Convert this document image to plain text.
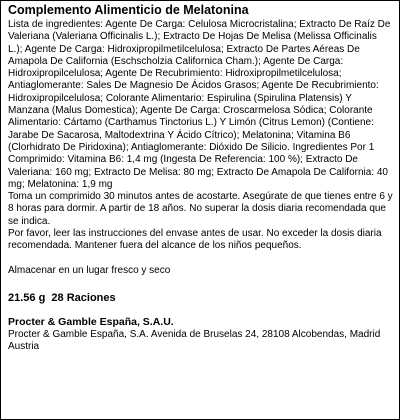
Complemento Alimenticio de Melatonina

Lista de ingredientes: Agente De Carga: Celulosa Microcristalina; Extracto De Raíz De Valeriana (Valeriana Officinalis L.); Extracto De Hojas De Melisa (Melissa Officinalis L.); Agente De Carga: Hidroxipropilmetilcelulosa; Extracto De Partes Aéreas De Amapola De California (Eschscholzia Californica Cham.); Agente De Carga: Hidroxipropilcelulosa; Agente De Recubrimiento: Hidroxipropilmetilcelulosa; Antiaglomerante: Sales De Magnesio De Ácidos Grasos; Agente De Recubrimiento: Hidroxipropilcelulosa; Colorante Alimentario: Espirulina (Spirulina Platensis) Y Manzana (Malus Domestica); Agente De Carga: Croscarmelosa Sódica; Colorante Alimentario: Cártamo (Carthamus Tinctorius L.) Y Limón (Citrus Lemon) (Contiene: Jarabe De Sacarosa, Maltodextrina Y Ácido Cítrico); Melatonina; Vitamina B6 (Clorhidrato De Piridoxina); Antiaglomerante: Dióxido De Silicio. Ingredientes Por 1 Comprimido: Vitamina B6: 1,4 mg (Ingesta De Referencia: 100 %); Extracto De Valeriana: 160 mg; Extracto De Melisa: 80 mg; Extracto De Amapola De California: 40 mg; Melatonina: 1,9 mg

Toma un comprimido 30 minutos antes de acostarte. Asegúrate de que tienes entre 6 y 8 horas para dormir. A partir de 18 años. No superar la dosis diaria recomendada que se indica.

Por favor, leer las instrucciones del envase antes de usar. No exceder la dosis diaria recomendada. Mantener fuera del alcance de los niños pequeños.

Almacenar en un lugar fresco y seco

21.56 g  28 Raciones

Procter & Gamble España, S.A.U.

Procter & Gamble España, S.A. Avenida de Bruselas 24, 28108 Alcobendas, Madrid

Austria
